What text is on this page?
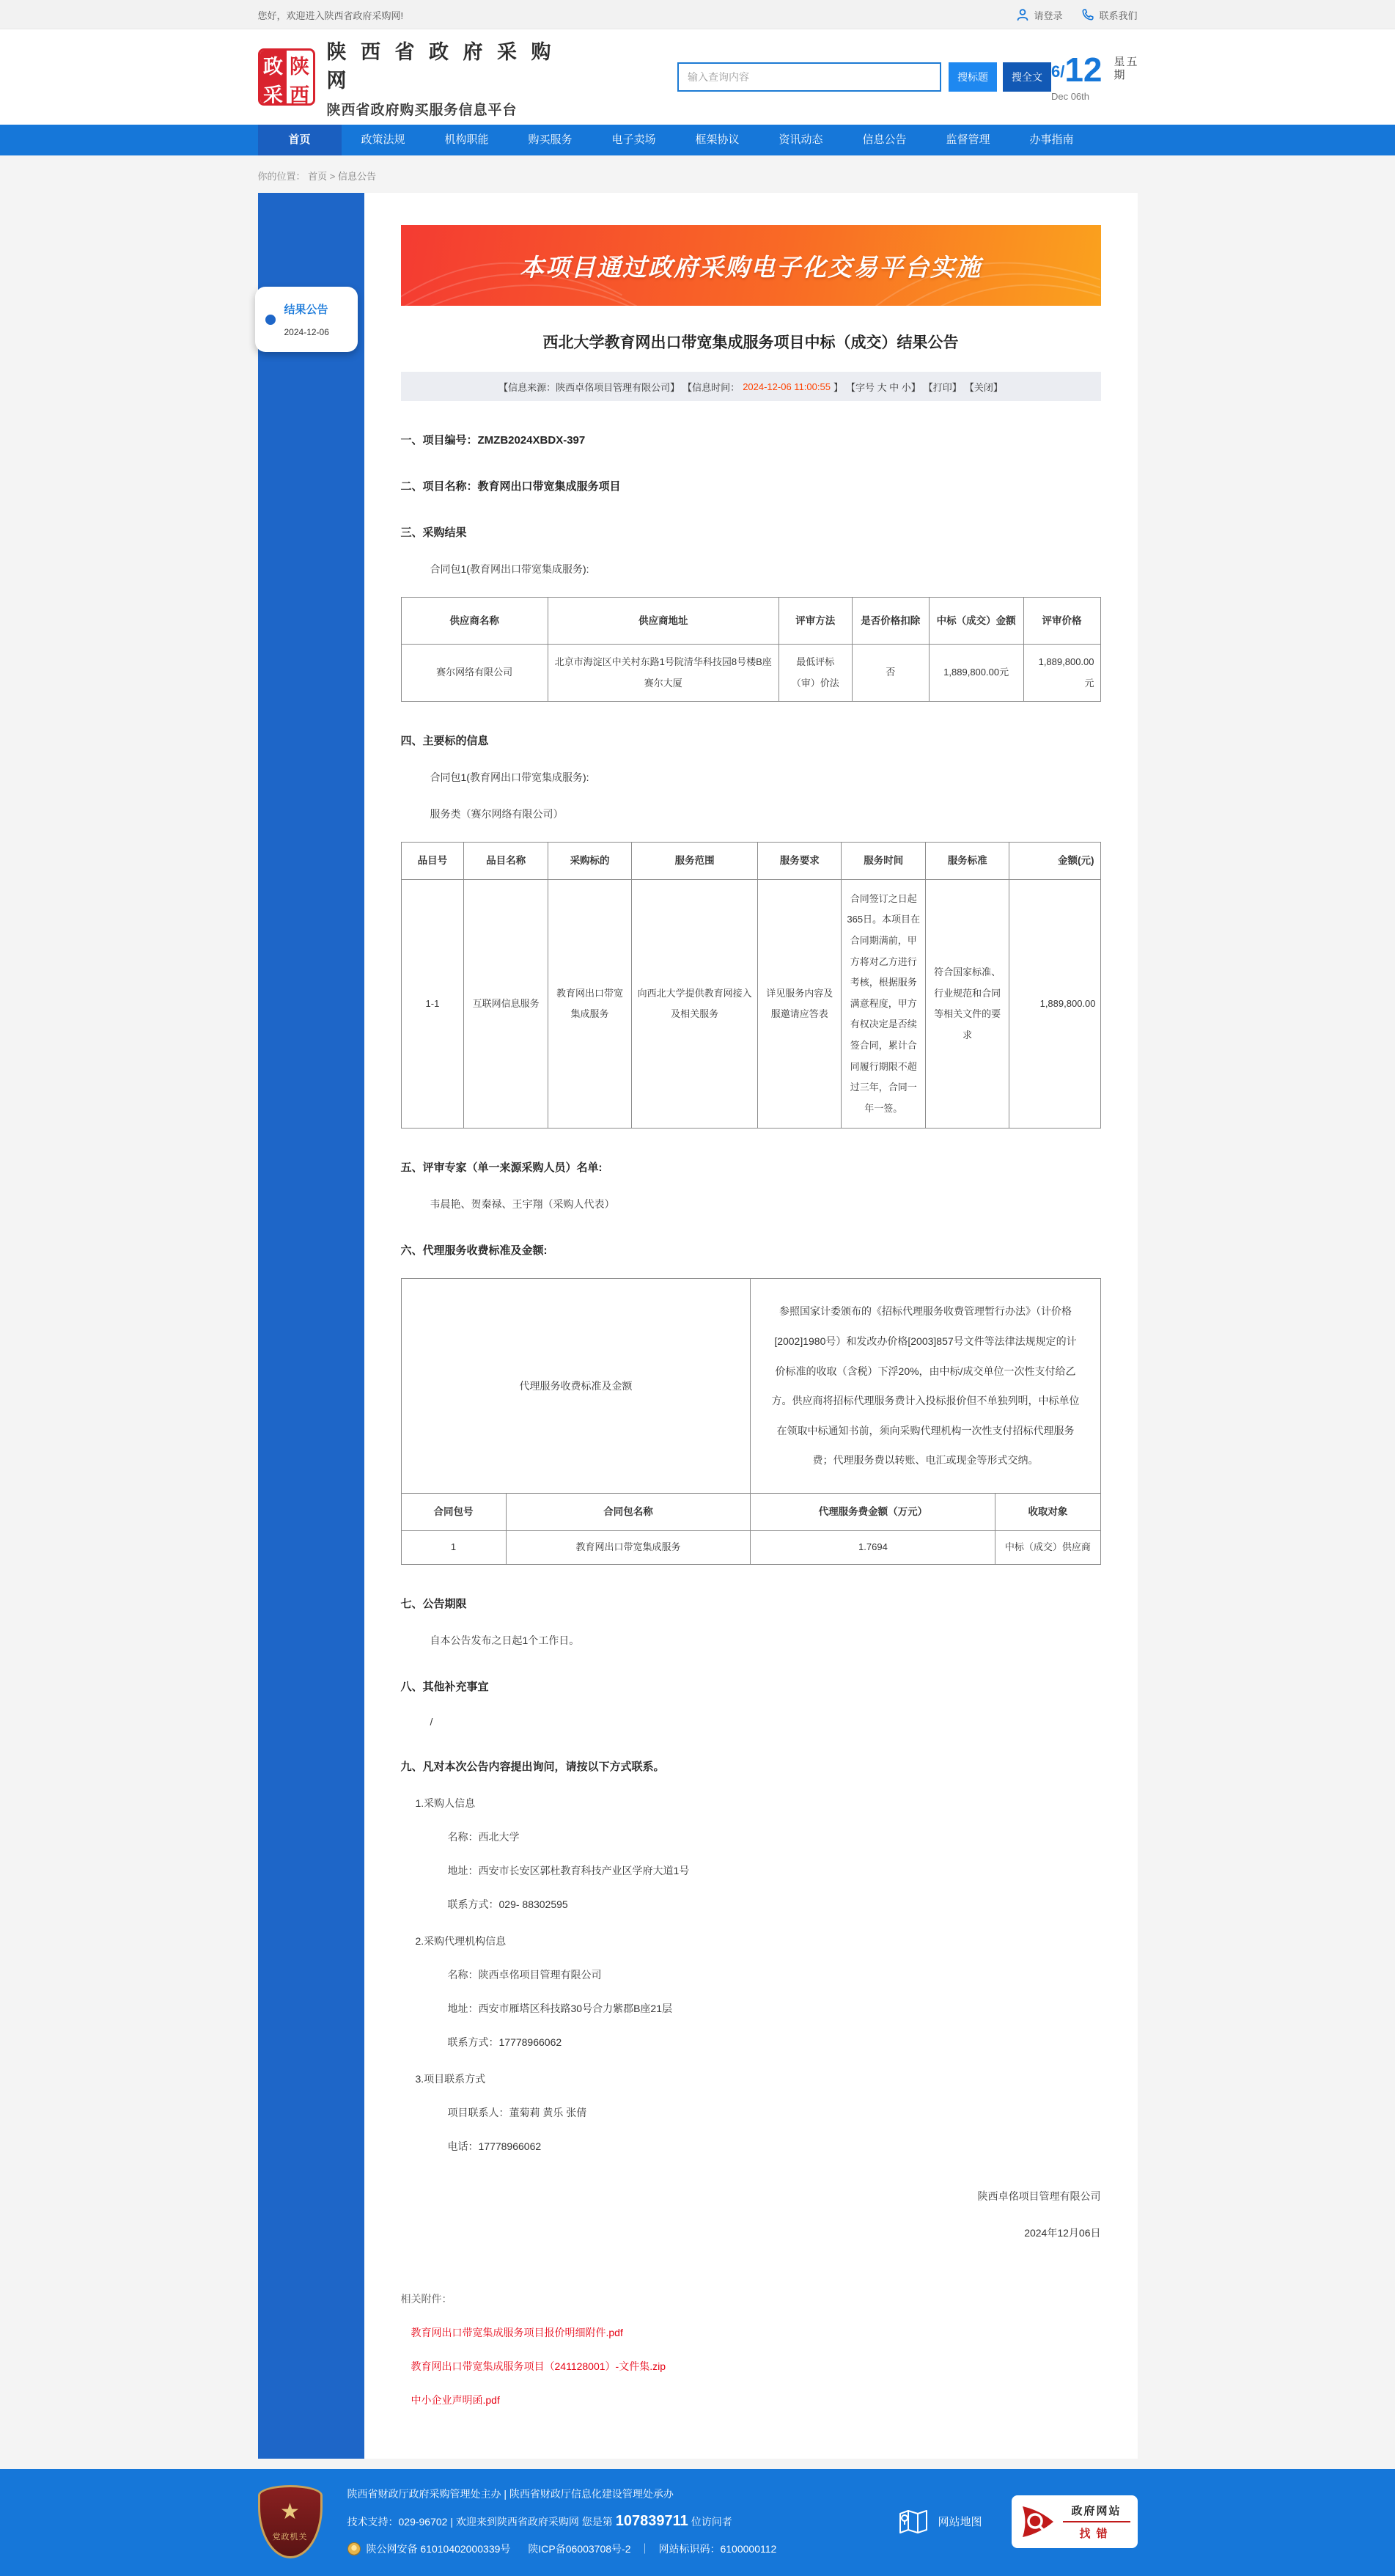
您好，欢迎进入陕西省政府采购网!	请登录	联系我们
政 陕
采 西
陕 西 省 政 府 采 购 网
陕西省政府购买服务信息平台
输入查询内容
搜标题	搜全文 6/12
Dec 06th
星期五
首页	政策法规	机构职能	购买服务	电子卖场	框架协议	资讯动态	信息公告	监督管理	办事指南
你的位置： 首页 > 信息公告
结果公告
2024-12-06
本项目通过政府采购电子化交易平台实施
西北大学教育网出口带宽集成服务项目中标（成交）结果公告
【信息来源：陕西卓佲项目管理有限公司】 【信息时间： 2024-12-06 11:00:55 】 【字号 大 中 小】 【打印】 【关闭】

一、项目编号：ZMZB2024XBDX-397

二、项目名称：教育网出口带宽集成服务项目

三、采购结果

合同包1(教育网出口带宽集成服务):

供应商名称	供应商地址	评审方法	是否价格扣除	中标（成交）金额	评审价格
赛尔网络有限公司	北京市海淀区中关村东路1号院清华科技园8号楼B座赛尔大厦	最低评标（审）价法	否	1,889,800.00元	1,889,800.00元

四、主要标的信息

合同包1(教育网出口带宽集成服务):

服务类（赛尔网络有限公司）

品目号	品目名称	采购标的	服务范围	服务要求	服务时间	服务标准	金额(元)
1-1	互联网信息服务	教育网出口带宽集成服务	向西北大学提供教育网接入及相关服务	详见服务内容及服邀请应答表	合同签订之日起365日。本项目在合同期满前，甲方将对乙方进行考核，根据服务满意程度，甲方有权决定是否续签合同，累计合同履行期限不超过三年，合同一年一签。	符合国家标准、行业规范和合同等相关文件的要求	1,889,800.00

五、评审专家（单一来源采购人员）名单:

韦晨艳、贺秦禄、王宇翔（采购人代表）

六、代理服务收费标准及金额:

代理服务收费标准及金额		参照国家计委颁布的《招标代理服务收费管理暂行办法》（计价格[2002]1980号）和发改办价格[2003]857号文件等法律法规规定的计价标准的收取（含税）下浮20%，由中标/成交单位一次性支付给乙方。供应商将招标代理服务费计入投标报价但不单独列明，中标单位在领取中标通知书前，须向采购代理机构一次性支付招标代理服务费；代理服务费以转账、电汇或现金等形式交纳。	
合同包号	合同包名称	代理服务费金额（万元）	收取对象
1	教育网出口带宽集成服务	1.7694	中标（成交）供应商

七、公告期限

自本公告发布之日起1个工作日。

八、其他补充事宜

/

九、凡对本次公告内容提出询问，请按以下方式联系。

1.采购人信息

名称：西北大学

地址：西安市长安区郭杜教育科技产业区学府大道1号

联系方式：029- 88302595

2.采购代理机构信息

名称：陕西卓佲项目管理有限公司

地址：西安市雁塔区科技路30号合力紫郡B座21层

联系方式：17778966062

3.项目联系方式

项目联系人：董菊莉 黄乐 张倩

电话：17778966062

陕西卓佲项目管理有限公司
2024年12月06日
相关附件：
教育网出口带宽集成服务项目报价明细附件.pdf
教育网出口带宽集成服务项目（241128001）-文件集.zip
中小企业声明函.pdf
★
党政机关
陕西省财政厅政府采购管理处主办 | 陕西省财政厅信息化建设管理处承办
技术支持：029-96702 | 欢迎来到陕西省政府采购网 您是第 107839711 位访问者
陕公网安备 61010402000339号 陕ICP备06003708号-2 ｜ 网站标识码：6100000112
网站地图
政府网站
找错
